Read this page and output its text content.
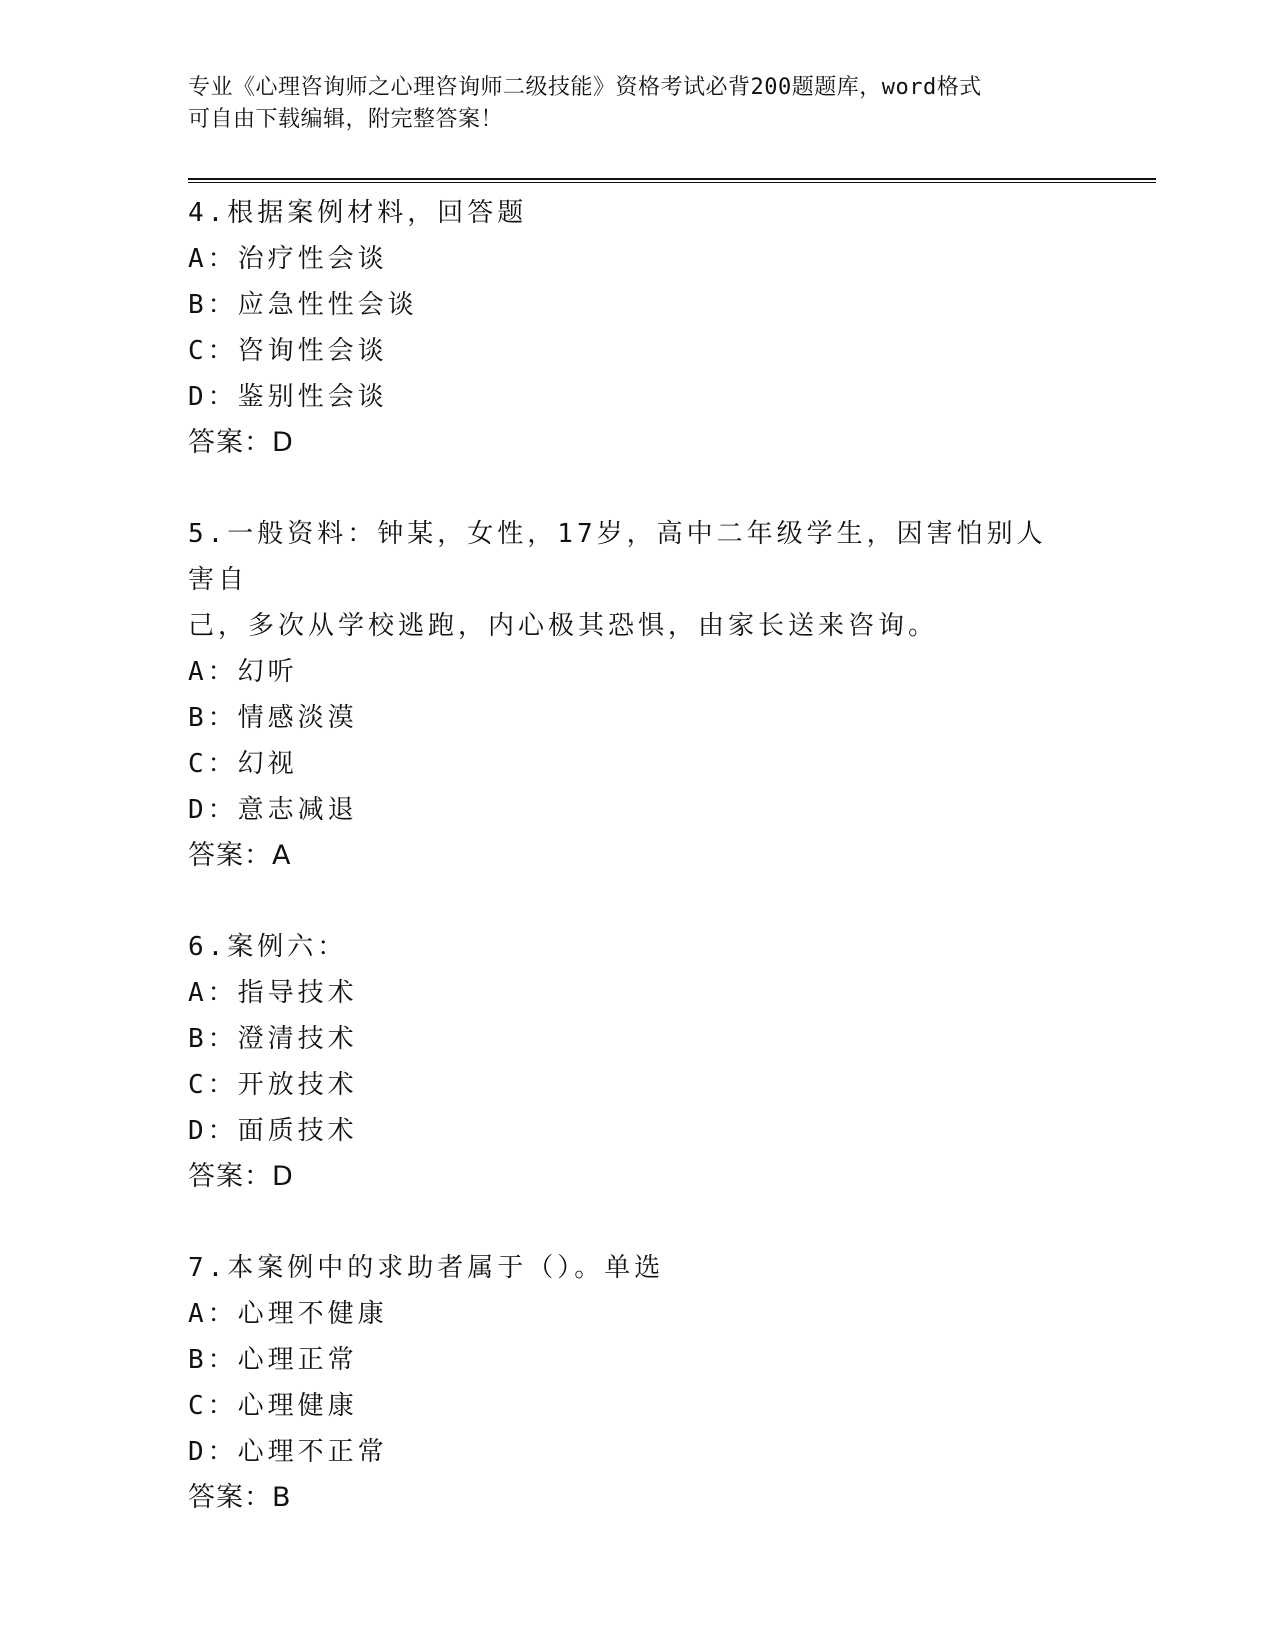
专业《心理咨询师之心理咨询师二级技能》资格考试必背200题题库，word格式
可自由下载编辑，附完整答案！
4.根据案例材料，回答题
A：治疗性会谈
B：应急性性会谈
C：咨询性会谈
D：鉴别性会谈
答案：D
5.一般资料：钟某，女性，17岁，高中二年级学生，因害怕别人害自
己，多次从学校逃跑，内心极其恐惧，由家长送来咨询。
A：幻听
B：情感淡漠
C：幻视
D：意志减退
答案：A
6.案例六：
A：指导技术
B：澄清技术
C：开放技术
D：面质技术
答案：D
7.本案例中的求助者属于（）。单选
A：心理不健康
B：心理正常
C：心理健康
D：心理不正常
答案：B
